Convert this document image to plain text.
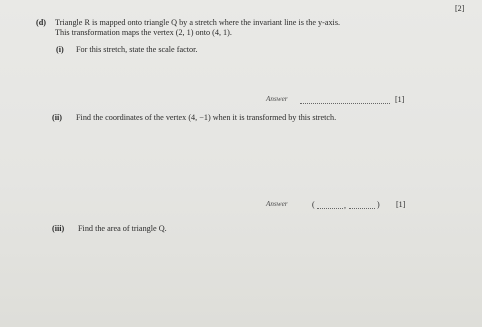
[2]
(d) Triangle R is mapped onto triangle Q by a stretch where the invariant line is the y-axis.
This transformation maps the vertex (2, 1) onto (4, 1).
(i) For this stretch, state the scale factor.
Answer	[1]
(ii) Find the coordinates of the vertex (4, −1) when it is transformed by this stretch.
Answer	(	,	) [1]
(iii) Find the area of triangle Q.
